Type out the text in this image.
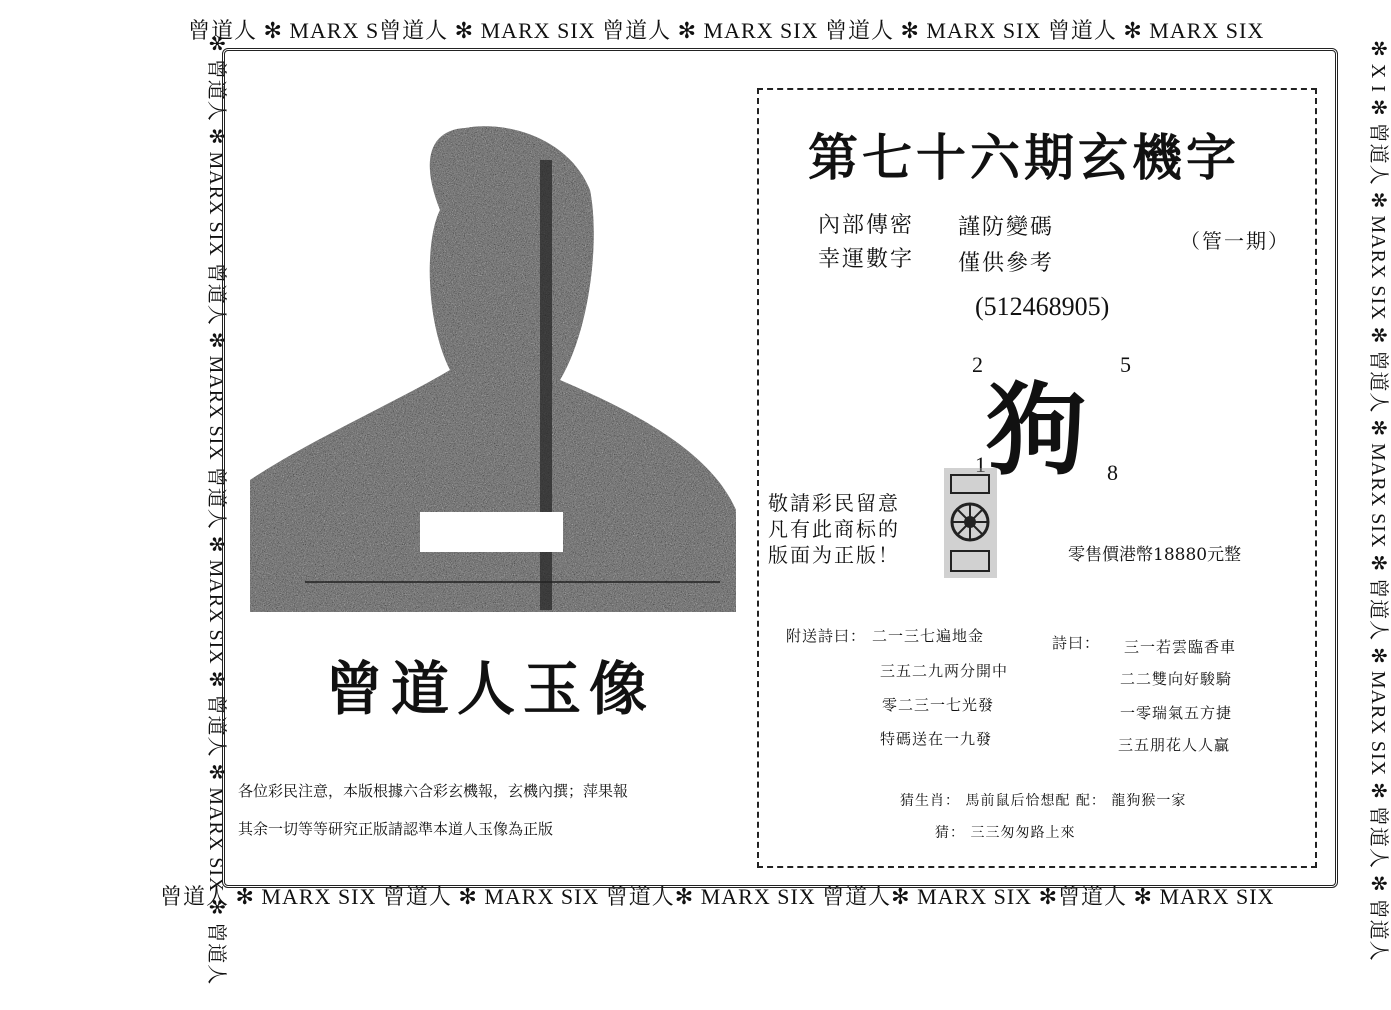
曾道人 ✻ MARX S曾道人 ✻ MARX SIX 曾道人 ✻ MARX SIX 曾道人 ✻ MARX SIX 曾道人 ✻ MARX SIX
曾道人 ✻ MARX SIX 曾道人 ✻ MARX SIX 曾道人✻ MARX SIX 曾道人✻ MARX SIX ✻曾道人 ✻ MARX SIX
✻ 曾道人 ✻ MARX SIX 曾道人 ✻ MARX SIX 曾道人 ✻ MARX SIX ✻ 曾道人 ✻ MARX SIX ✻ 曾道人	✻ X I ✻ 曾道人 ✻ MARX SIX ✻ 曾道人 ✻ MARX SIX ✻ 曾道人 ✻ MARX SIX ✻ 曾道人 ✻ 曾道人
曾道人玉像
各位彩民注意，本版根據六合彩玄機報，玄機內撰；萍果報
其余一切等等研究正版請認準本道人玉像為正版
第七十六期玄機字
內部傳密 謹防變碼
幸運數字 僅供參考
（管一期）
(512468905)
2	5
狗
1	8
敬請彩民留意
凡有此商标的
版面为正版！	零售價港幣18880元整
附送詩曰： 二一三七遍地金
三五二九两分開中
零二三一七光發
特碼送在一九發
詩曰： 三一若雲臨香車
二二雙向好駿騎
一零瑞氣五方捷
三五朋花人人贏
猜生肖： 馬前鼠后恰想配 配： 龍狗猴一家
猜： 三三匆匆路上來
